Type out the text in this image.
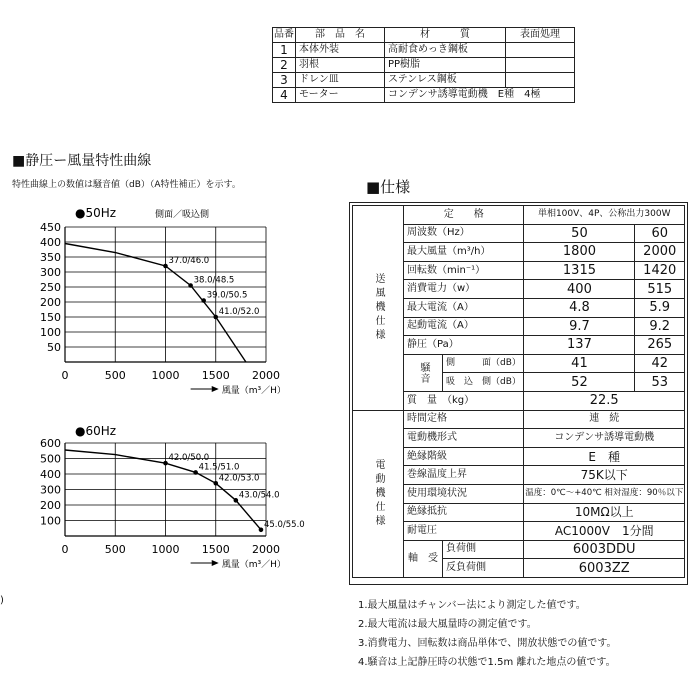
品番	部　品　名	材　　　質	表面処理
1	本体外装	高耐食めっき鋼板	
2	羽根	PP樹脂	
3	ドレン皿	ステンレス鋼板	
4	モーター	コンデンサ誘導電動機　E種　4極	
■静圧ー風量特性曲線
特性曲線上の数値は騒音値（dB）（A特性補正）を示す。
●50Hz	側面／吸込側
450
400
350
300
250
200
150
100
50
0	500 1000 1500 2000
37.0/46.0
38.0/48.5
39.0/50.5
41.0/52.0
風量（m³／H）
●60Hz
600
500
400
300
200
100
0	500 1000 1500 2000
42.0/50.0
41.5/51.0
42.0/53.0
43.0/54.0
45.0/55.0
風量（m³／H）
■仕様
送風機仕様	定　　格		単相100V、4P、公称出力300W	
	周波数（Hz）		50	60
	最大風量（m³/h）		1800	2000
	回転数（min⁻¹）		1315	1420
	消費電力（w）		400	515
	最大電流（A）		4.8	5.9
	起動電流（A）		9.7	9.2
	静圧（Pa）		137	265
	騒音	側　　　面（dB）	41	42
		吸　込　側（dB）	52	53
	質　量　（kg）		22.5	
電動機仕様	時間定格		連　続	
	電動機形式		コンデンサ誘導電動機	
	絶縁階級		E　種	
	巻線温度上昇		75K以下	
	使用環境状況		温度：0℃～+40℃ 相対湿度：90％以下	
	絶縁抵抗		10MΩ以上	
	耐電圧		AC1000V　1分間	
	軸　受	負荷側	6003DDU	
		反負荷側	6003ZZ	
1.最大風量はチャンバー法により測定した値です。
2.最大電流は最大風量時の測定値です。
3.消費電力、回転数は商品単体で、開放状態での値です。
4.騒音は上記静圧時の状態で1.5m 離れた地点の値です。
)
